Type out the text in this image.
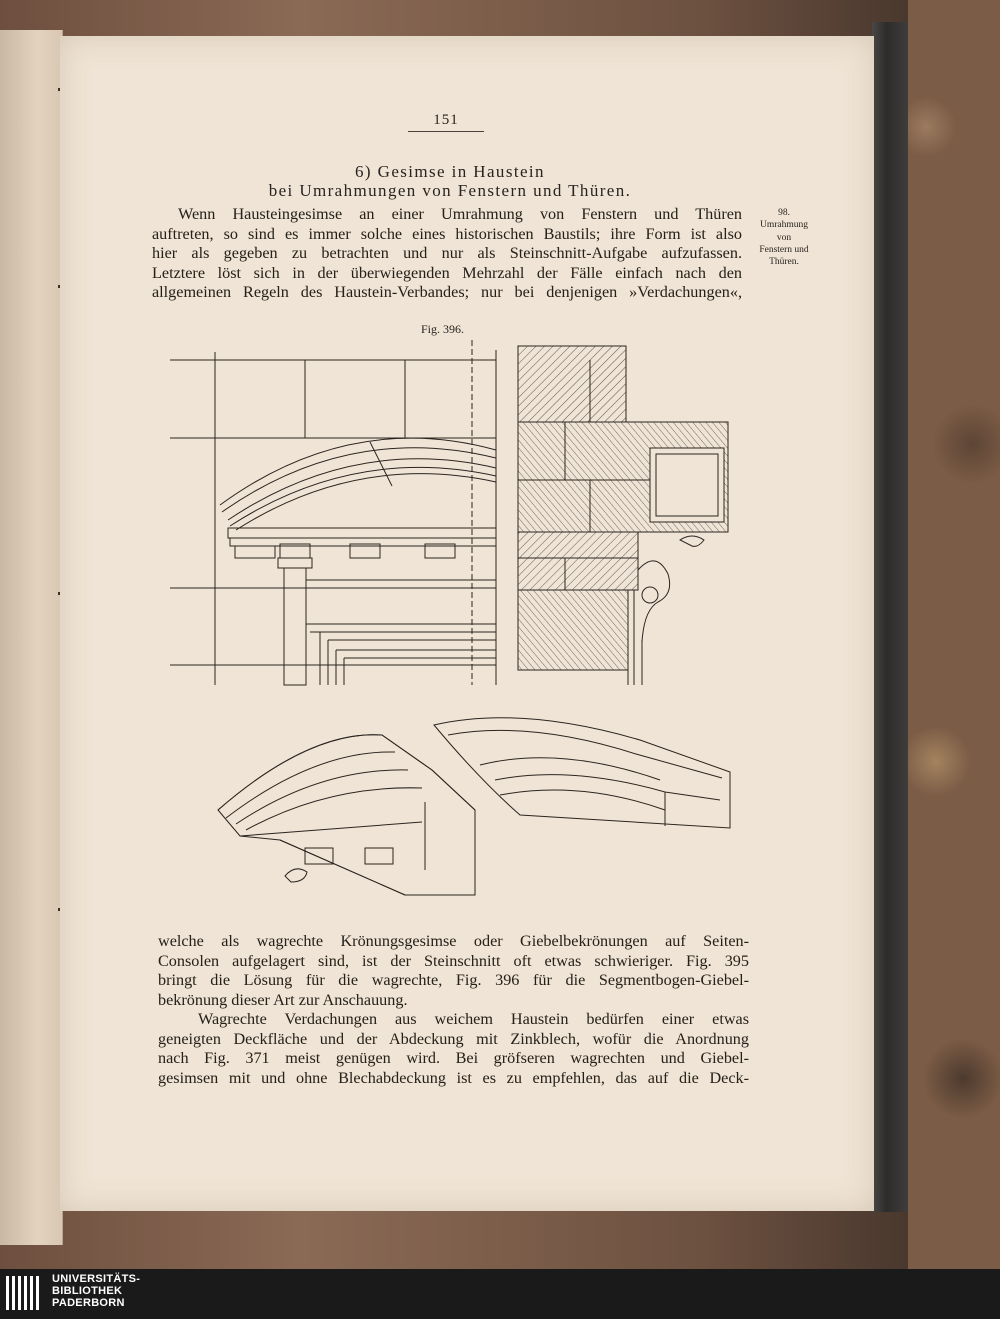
151
6) Gesimse in Haustein
bei Umrahmungen von Fenstern und Thüren.
Wenn Hausteingesimse an einer Umrahmung von Fenstern und Thüren
auftreten, so sind es immer solche eines historischen Baustils; ihre Form ist also
hier als gegeben zu betrachten und nur als Steinschnitt-Aufgabe aufzufassen.
Letztere löst sich in der überwiegenden Mehrzahl der Fälle einfach nach den
allgemeinen Regeln des Haustein-Verbandes; nur bei denjenigen »Verdachungen«,
98.
Umrahmung
von
Fenstern und
Thüren.
Fig. 396.
welche als wagrechte Krönungsgesimse oder Giebelbekrönungen auf Seiten-
Consolen aufgelagert sind, ist der Steinschnitt oft etwas schwieriger. Fig. 395
bringt die Lösung für die wagrechte, Fig. 396 für die Segmentbogen-Giebel-
bekrönung dieser Art zur Anschauung.
Wagrechte Verdachungen aus weichem Haustein bedürfen einer etwas
geneigten Deckfläche und der Abdeckung mit Zinkblech, wofür die Anordnung
nach Fig. 371 meist genügen wird. Bei gröfseren wagrechten und Giebel-
gesimsen mit und ohne Blechabdeckung ist es zu empfehlen, das auf die Deck-
UNIVERSITÄTS-
BIBLIOTHEK
PADERBORN
